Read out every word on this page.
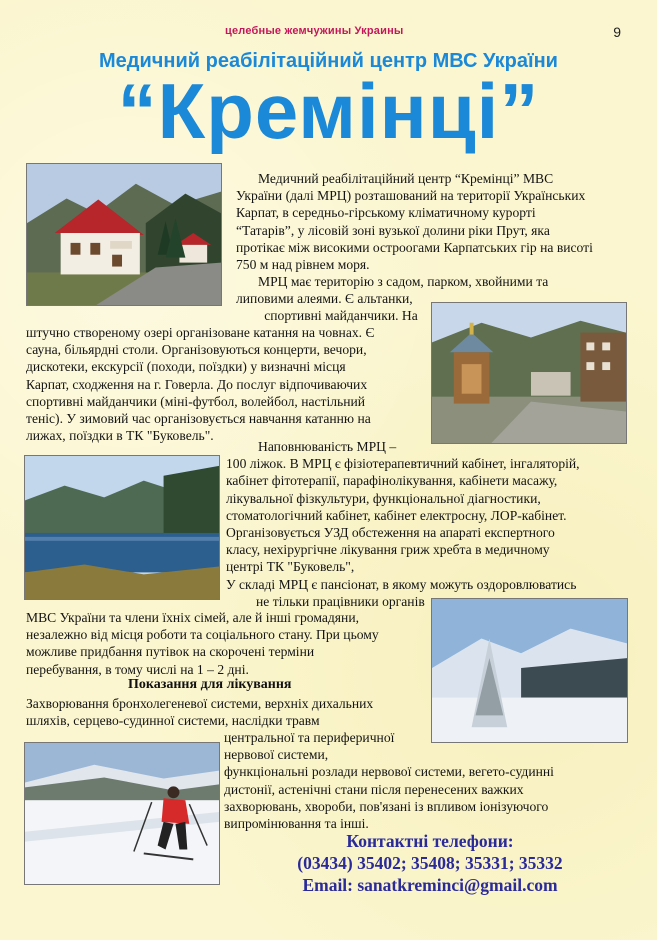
целебные жемчужины Украины	9
Медичний реабілітаційний центр МВС України
“Кремінці”
Медичний реабілітаційний центр “Кремінці” МВС
України (далі МРЦ) розташований на території Українських
Карпат, в середньо-гірському кліматичному курорті
“Татарів”, у лісовій зоні вузької долини ріки Прут, яка
протікає між високими остроогами Карпатських гір на висоті
750 м над рівнем моря.
МРЦ має територію з садом, парком, хвойними та
липовими алеями. Є альтанки,
спортивні майданчики. На
штучно створеному озері організоване катання на човнах. Є
сауна, більярдні столи. Організовуються концерти, вечори,
дискотеки, екскурсії (походи, поїздки) у визначні місця
Карпат, сходження на г. Говерла. До послуг відпочиваючих
спортивні майданчики (міні-футбол, волейбол, настільний
теніс). У зимовий час організовується навчання катанню на
лижах, поїздки в ТК "Буковель".
Наповнюваність МРЦ –
100 ліжок. В МРЦ є фізіотерапевтичний кабінет, інгаляторій,
кабінет фітотерапії, парафінолікування, кабінети масажу,
лікувальної фізкультури, функціональної діагностики,
стоматологічний кабінет, кабінет електросну, ЛОР-кабінет.
Організовується УЗД обстеження на апараті експертного
класу, нехірургічне лікування гриж хребта в медичному
центрі ТК "Буковель",
У складі МРЦ є пансіонат, в якому можуть оздоровлюватись
не тільки працівники органів
МВС України та члени їхніх сімей, але й інші громадяни,
незалежно від місця роботи та соціального стану. При цьому
можливе придбання путівок на скорочені терміни
перебування, в тому числі на 1 – 2 дні.
Показання для лікування
Захворювання бронхолегеневої системи, верхніх дихальних
шляхів, серцево-судинної системи, наслідки травм
центральної та периферичної
нервової системи,
функціональні розлади нервової системи, вегето-судинні
дистонії, астенічні стани після перенесених важких
захворювань, хвороби, пов'язані із впливом іонізуючого
випромінювання та інші.
Контактні телефони:
(03434) 35402; 35408; 35331; 35332
Email: sanatkreminci@gmail.com
